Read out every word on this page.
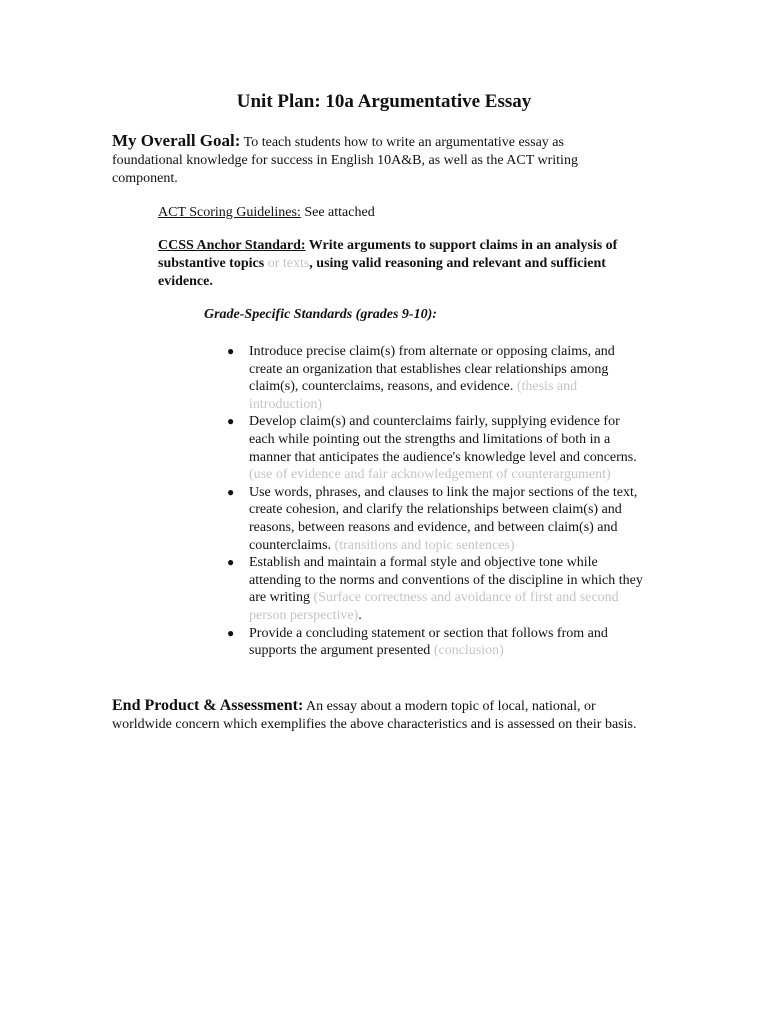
Unit Plan: 10a Argumentative Essay

My Overall Goal: To teach students how to write an argumentative essay as foundational knowledge for success in English 10A&B, as well as the ACT writing component.

ACT Scoring Guidelines: See attached

CCSS Anchor Standard: Write arguments to support claims in an analysis of substantive topics or texts, using valid reasoning and relevant and sufficient evidence.

Grade-Specific Standards (grades 9-10):

● Introduce precise claim(s) from alternate or opposing claims, and create an organization that establishes clear relationships among claim(s), counterclaims, reasons, and evidence. (thesis and introduction)
● Develop claim(s) and counterclaims fairly, supplying evidence for each while pointing out the strengths and limitations of both in a manner that anticipates the audience's knowledge level and concerns. (use of evidence and fair acknowledgement of counterargument)
● Use words, phrases, and clauses to link the major sections of the text, create cohesion, and clarify the relationships between claim(s) and reasons, between reasons and evidence, and between claim(s) and counterclaims. (transitions and topic sentences)
● Establish and maintain a formal style and objective tone while attending to the norms and conventions of the discipline in which they are writing (Surface correctness and avoidance of first and second person perspective).
● Provide a concluding statement or section that follows from and supports the argument presented (conclusion)

End Product & Assessment: An essay about a modern topic of local, national, or worldwide concern which exemplifies the above characteristics and is assessed on their basis.
